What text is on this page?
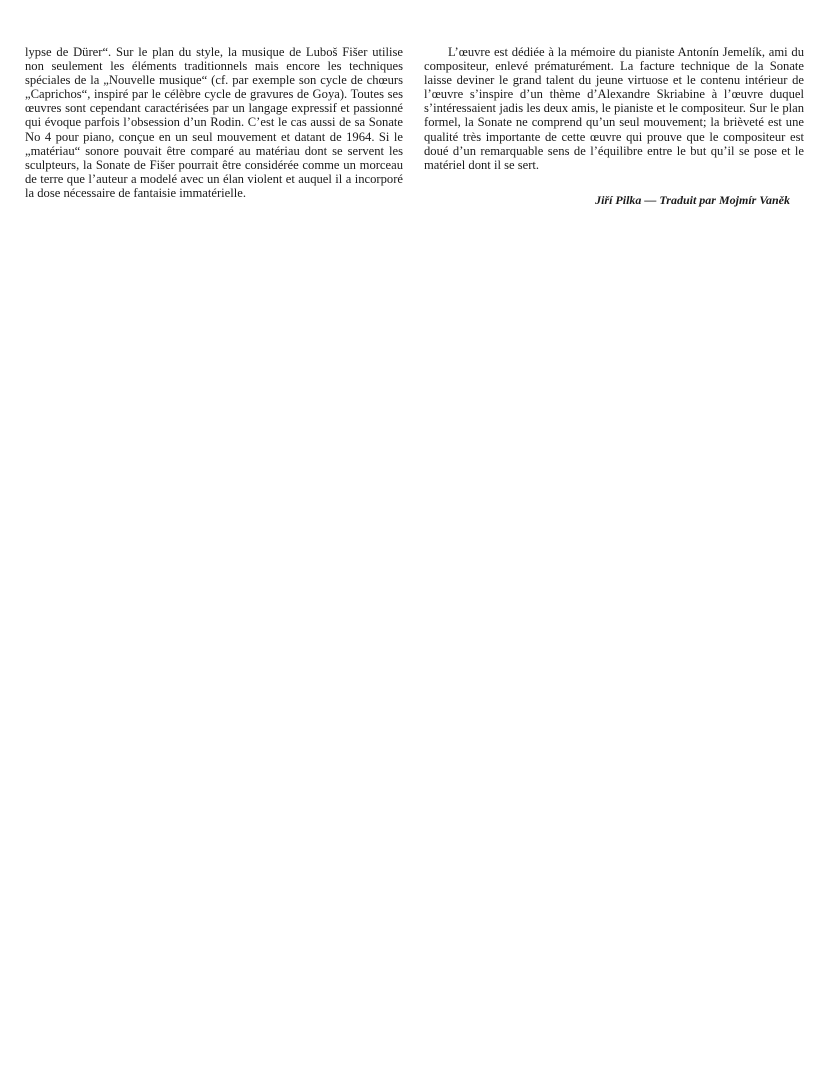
lypse de Dürer“. Sur le plan du style, la musique de Luboš Fišer utilise non seulement les éléments traditionnels mais encore les techniques spéciales de la „Nouvelle musique“ (cf. par exemple son cycle de chœurs „Caprichos“, inspiré par le célèbre cycle de gravures de Goya). Toutes ses œuvres sont cependant caractérisées par un langage expressif et passionné qui évoque parfois l’obsession d’un Rodin. C’est le cas aussi de sa Sonate No 4 pour piano, conçue en un seul mouvement et datant de 1964. Si le „matériau“ sonore pouvait être comparé au matériau dont se servent les sculpteurs, la Sonate de Fišer pourrait être considérée comme un morceau de terre que l’auteur a modelé avec un élan violent et auquel il a incorporé la dose nécessaire de fantaisie immatérielle.

L’œuvre est dédiée à la mémoire du pianiste Antonín Jemelík, ami du compositeur, enlevé prématurément. La facture technique de la Sonate laisse deviner le grand talent du jeune virtuose et le contenu intérieur de l’œuvre s’inspire d’un thème d’Alexandre Skriabine à l’œuvre duquel s’intéressaient jadis les deux amis, le pianiste et le compositeur. Sur le plan formel, la Sonate ne comprend qu’un seul mouvement; la brièveté est une qualité très importante de cette œuvre qui prouve que le compositeur est doué d’un remarquable sens de l’équilibre entre le but qu’il se pose et le matériel dont il se sert.

Jiří Pilka — Traduit par Mojmír Vaněk
